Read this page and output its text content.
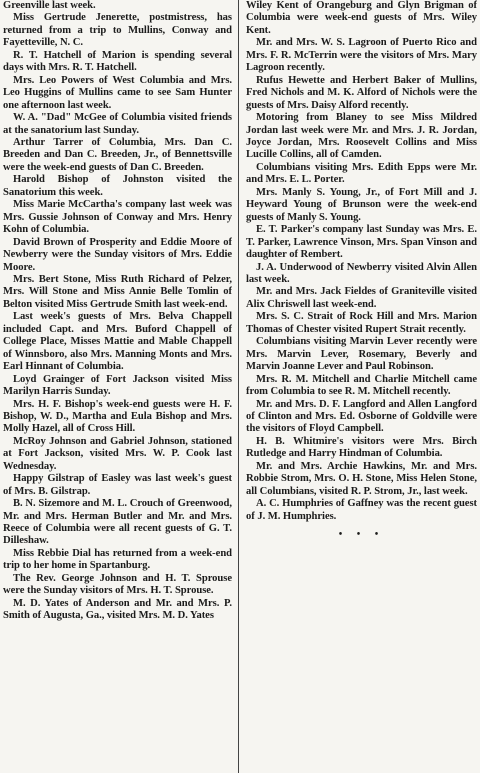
Greenville last week.

Miss Gertrude Jenerette, postmistress, has returned from a trip to Mullins, Conway and Fayetteville, N. C.

R. T. Hatchell of Marion is spending several days with Mrs. R. T. Hatchell.

Mrs. Leo Powers of West Columbia and Mrs. Leo Huggins of Mullins came to see Sam Hunter one afternoon last week.

W. A. "Dad" McGee of Columbia visited friends at the sanatorium last Sunday.

Arthur Tarrer of Columbia, Mrs. Dan C. Breeden and Dan C. Breeden, Jr., of Bennettsville were the week-end guests of Dan C. Breeden.

Harold Bishop of Johnston visited the Sanatorium this week.

Miss Marie McCartha's company last week was Mrs. Gussie Johnson of Conway and Mrs. Henry Kohn of Columbia.

David Brown of Prosperity and Eddie Moore of Newberry were the Sunday visitors of Mrs. Eddie Moore.

Mrs. Bert Stone, Miss Ruth Richard of Pelzer, Mrs. Will Stone and Miss Annie Belle Tomlin of Belton visited Miss Gertrude Smith last week-end.

Last week's guests of Mrs. Belva Chappell included Capt. and Mrs. Buford Chappell of College Place, Misses Mattie and Mable Chappell of Winnsboro, also Mrs. Manning Monts and Mrs. Earl Hinnant of Columbia.

Loyd Grainger of Fort Jackson visited Miss Marilyn Harris Sunday.

Mrs. H. F. Bishop's week-end guests were H. F. Bishop, W. D., Martha and Eula Bishop and Mrs. Molly Hazel, all of Cross Hill.

McRoy Johnson and Gabriel Johnson, stationed at Fort Jackson, visited Mrs. W. P. Cook last Wednesday.

Happy Gilstrap of Easley was last week's guest of Mrs. B. Gilstrap.

B. N. Sizemore and M. L. Crouch of Greenwood, Mr. and Mrs. Herman Butler and Mr. and Mrs. Reece of Columbia were all recent guests of G. T. Dilleshaw.

Miss Rebbie Dial has returned from a week-end trip to her home in Spartanburg.

The Rev. George Johnson and H. T. Sprouse were the Sunday visitors of Mrs. H. T. Sprouse.

M. D. Yates of Anderson and Mr. and Mrs. P. Smith of Augusta, Ga., visited Mrs. M. D. Yates

Wiley Kent of Orangeburg and Glyn Brigman of Columbia were week-end guests of Mrs. Wiley Kent.

Mr. and Mrs. W. S. Lagroon of Puerto Rico and Mrs. F. R. McTerrin were the visitors of Mrs. Mary Lagroon recently.

Rufus Hewette and Herbert Baker of Mullins, Fred Nichols and M. K. Alford of Nichols were the guests of Mrs. Daisy Alford recently.

Motoring from Blaney to see Miss Mildred Jordan last week were Mr. and Mrs. J. R. Jordan, Joyce Jordan, Mrs. Roosevelt Collins and Miss Lucille Collins, all of Camden.

Columbians visiting Mrs. Edith Epps were Mr. and Mrs. E. L. Porter.

Mrs. Manly S. Young, Jr., of Fort Mill and J. Heyward Young of Brunson were the week-end guests of Manly S. Young.

E. T. Parker's company last Sunday was Mrs. E. T. Parker, Lawrence Vinson, Mrs. Span Vinson and daughter of Rembert.

J. A. Underwood of Newberry visited Alvin Allen last week.

Mr. and Mrs. Jack Fieldes of Graniteville visited Alix Chriswell last week-end.

Mrs. S. C. Strait of Rock Hill and Mrs. Marion Thomas of Chester visited Rupert Strait recently.

Columbians visiting Marvin Lever recently were Mrs. Marvin Lever, Rosemary, Beverly and Marvin Joanne Lever and Paul Robinson.

Mrs. R. M. Mitchell and Charlie Mitchell came from Columbia to see R. M. Mitchell recently.

Mr. and Mrs. D. F. Langford and Allen Langford of Clinton and Mrs. Ed. Osborne of Goldville were the visitors of Floyd Campbell.

H. B. Whitmire's visitors were Mrs. Birch Rutledge and Harry Hindman of Columbia.

Mr. and Mrs. Archie Hawkins, Mr. and Mrs. Robbie Strom, Mrs. O. H. Stone, Miss Helen Stone, all Columbians, visited R. P. Strom, Jr., last week.

A. C. Humphries of Gaffney was the recent guest of J. M. Humphries.

• • •
